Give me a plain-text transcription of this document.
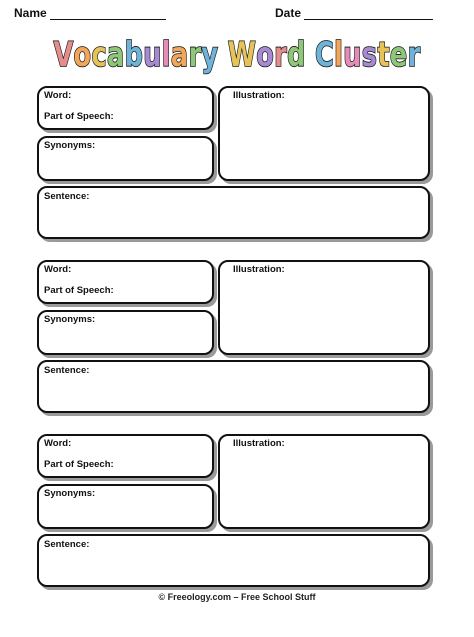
Name	Date
Vocabulary Word Cluster
Word:
Part of Speech:
Synonyms:
Illustration:
Sentence:
Word:
Part of Speech:
Synonyms:
Illustration:
Sentence:
Word:
Part of Speech:
Synonyms:
Illustration:
Sentence:
© Freeology.com – Free School Stuff
